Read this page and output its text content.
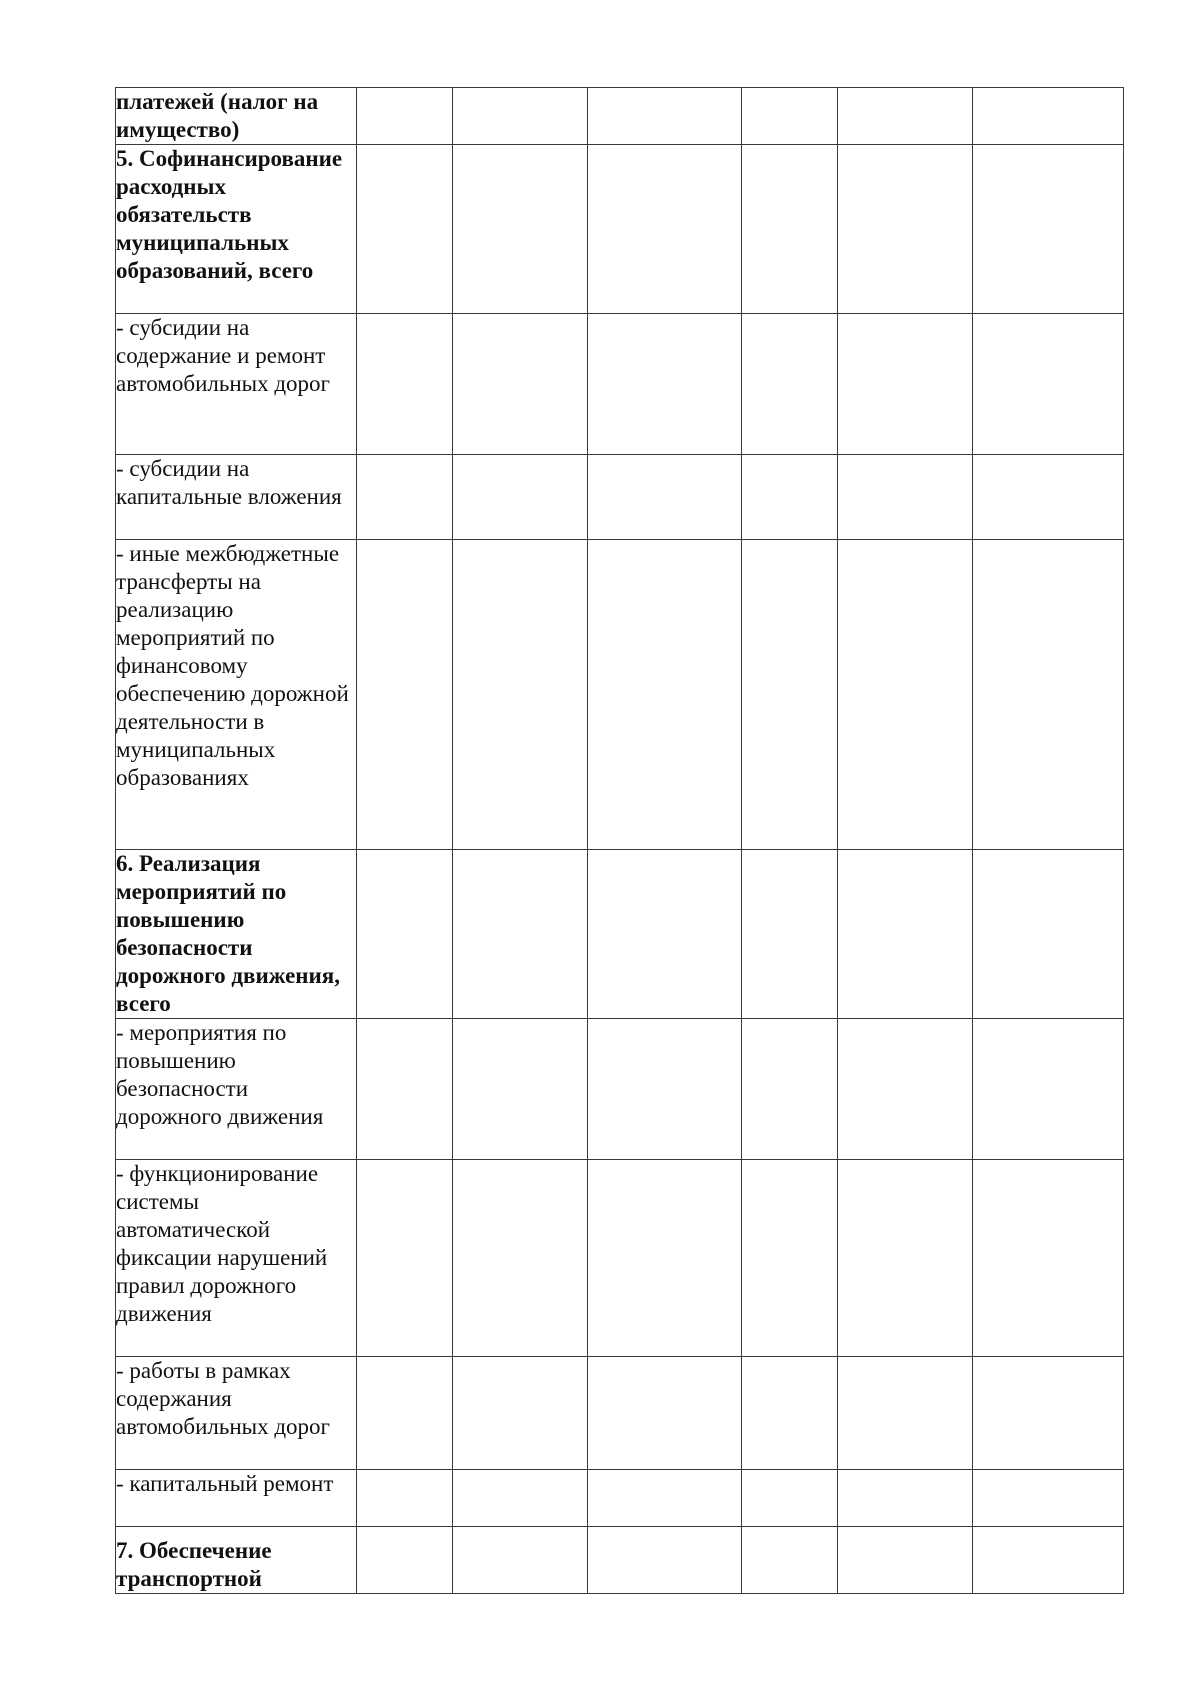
платежей (налог на имущество)						

5. Софинансирование расходных обязательств муниципальных образований, всего						

- субсидии на содержание и ремонт автомобильных дорог						

- субсидии на капитальные вложения						

- иные межбюджетные трансферты на реализацию мероприятий по финансовому обеспечению дорожной деятельности в муниципальных образованиях						

6. Реализация мероприятий по повышению безопасности дорожного движения, всего						

- мероприятия по повышению безопасности дорожного движения						

- функционирование системы автоматической фиксации нарушений правил дорожного движения						

- работы в рамках содержания автомобильных дорог						

- капитальный ремонт						

7. Обеспечение транспортной						
